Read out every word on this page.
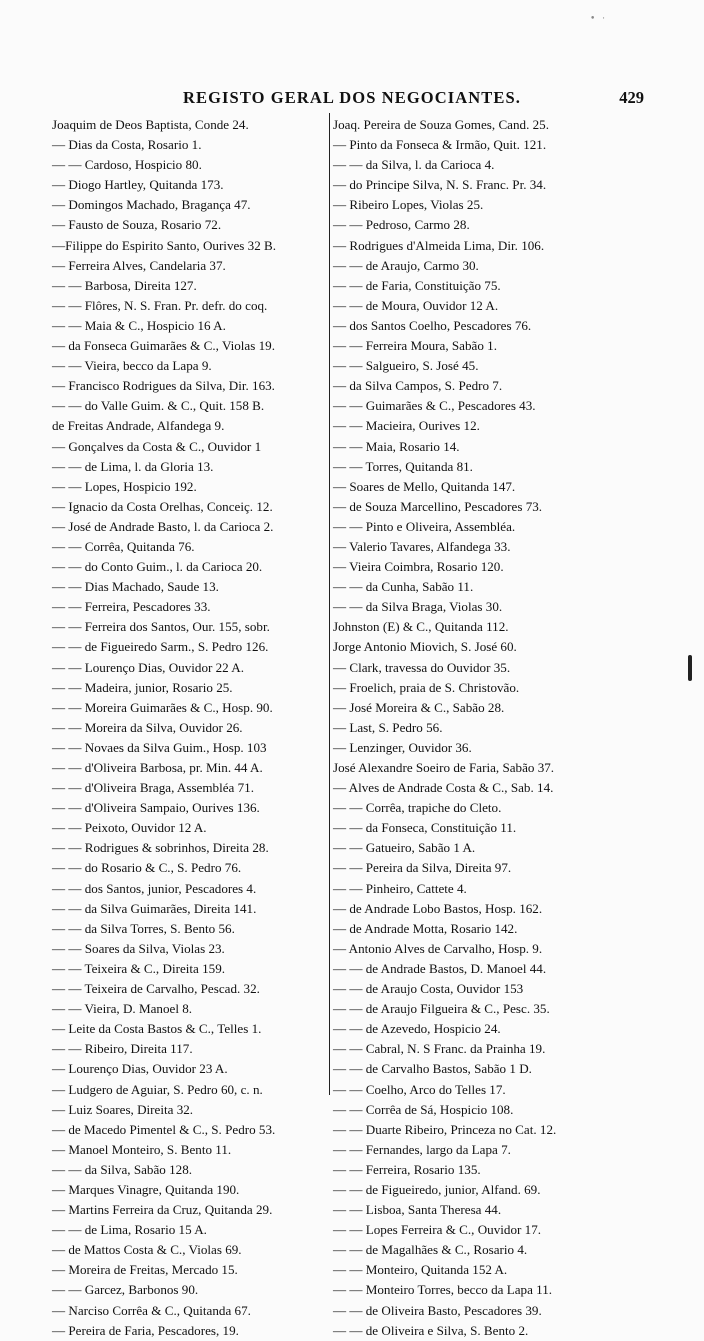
• ·
REGISTO GERAL DOS NEGOCIANTES.	429
Joaquim de Deos Baptista, Conde 24.
— Dias da Costa, Rosario 1.
— — Cardoso, Hospicio 80.
— Diogo Hartley, Quitanda 173.
— Domingos Machado, Bragança 47.
— Fausto de Souza, Rosario 72.
—Filippe do Espirito Santo, Ourives 32 B.
— Ferreira Alves, Candelaria 37.
— — Barbosa, Direita 127.
— — Flôres, N. S. Fran. Pr. defr. do coq.
— — Maia & C., Hospicio 16 A.
— da Fonseca Guimarães & C., Violas 19.
— — Vieira, becco da Lapa 9.
— Francisco Rodrigues da Silva, Dir. 163.
— — do Valle Guim. & C., Quit. 158 B.
de Freitas Andrade, Alfandega 9.
— Gonçalves da Costa & C., Ouvidor 1
— — de Lima, l. da Gloria 13.
— — Lopes, Hospicio 192.
— Ignacio da Costa Orelhas, Conceiç. 12.
— José de Andrade Basto, l. da Carioca 2.
— — Corrêa, Quitanda 76.
— — do Conto Guim., l. da Carioca 20.
— — Dias Machado, Saude 13.
— — Ferreira, Pescadores 33.
— — Ferreira dos Santos, Our. 155, sobr.
— — de Figueiredo Sarm., S. Pedro 126.
— — Lourenço Dias, Ouvidor 22 A.
— — Madeira, junior, Rosario 25.
— — Moreira Guimarães & C., Hosp. 90.
— — Moreira da Silva, Ouvidor 26.
— — Novaes da Silva Guim., Hosp. 103
— — d'Oliveira Barbosa, pr. Min. 44 A.
— — d'Oliveira Braga, Assembléa 71.
— — d'Oliveira Sampaio, Ourives 136.
— — Peixoto, Ouvidor 12 A.
— — Rodrigues & sobrinhos, Direita 28.
— — do Rosario & C., S. Pedro 76.
— — dos Santos, junior, Pescadores 4.
— — da Silva Guimarães, Direita 141.
— — da Silva Torres, S. Bento 56.
— — Soares da Silva, Violas 23.
— — Teixeira & C., Direita 159.
— — Teixeira de Carvalho, Pescad. 32.
— — Vieira, D. Manoel 8.
— Leite da Costa Bastos & C., Telles 1.
— — Ribeiro, Direita 117.
— Lourenço Dias, Ouvidor 23 A.
— Ludgero de Aguiar, S. Pedro 60, c. n.
— Luiz Soares, Direita 32.
— de Macedo Pimentel & C., S. Pedro 53.
— Manoel Monteiro, S. Bento 11.
— — da Silva, Sabão 128.
— Marques Vinagre, Quitanda 190.
— Martins Ferreira da Cruz, Quitanda 29.
— — de Lima, Rosario 15 A.
— de Mattos Costa & C., Violas 69.
— Moreira de Freitas, Mercado 15.
— — Garcez, Barbonos 90.
— Narciso Corrêa & C., Quitanda 67.
— Pereira de Faria, Pescadores, 19.
Joaq. Pereira de Souza Gomes, Cand. 25.
— Pinto da Fonseca & Irmão, Quit. 121.
— — da Silva, l. da Carioca 4.
— do Principe Silva, N. S. Franc. Pr. 34.
— Ribeiro Lopes, Violas 25.
— — Pedroso, Carmo 28.
— Rodrigues d'Almeida Lima, Dir. 106.
— — de Araujo, Carmo 30.
— — de Faria, Constituição 75.
— — de Moura, Ouvidor 12 A.
— dos Santos Coelho, Pescadores 76.
— — Ferreira Moura, Sabão 1.
— — Salgueiro, S. José 45.
— da Silva Campos, S. Pedro 7.
— — Guimarães & C., Pescadores 43.
— — Macieira, Ourives 12.
— — Maia, Rosario 14.
— — Torres, Quitanda 81.
— Soares de Mello, Quitanda 147.
— de Souza Marcellino, Pescadores 73.
— — Pinto e Oliveira, Assembléa.
— Valerio Tavares, Alfandega 33.
— Vieira Coimbra, Rosario 120.
— — da Cunha, Sabão 11.
— — da Silva Braga, Violas 30.
Johnston (E) & C., Quitanda 112.
Jorge Antonio Miovich, S. José 60.
— Clark, travessa do Ouvidor 35.
— Froelich, praia de S. Christovão.
— José Moreira & C., Sabão 28.
— Last, S. Pedro 56.
— Lenzinger, Ouvidor 36.
José Alexandre Soeiro de Faria, Sabão 37.
— Alves de Andrade Costa & C., Sab. 14.
— — Corrêa, trapiche do Cleto.
— — da Fonseca, Constituição 11.
— — Gatueiro, Sabão 1 A.
— — Pereira da Silva, Direita 97.
— — Pinheiro, Cattete 4.
— de Andrade Lobo Bastos, Hosp. 162.
— de Andrade Motta, Rosario 142.
— Antonio Alves de Carvalho, Hosp. 9.
— — de Andrade Bastos, D. Manoel 44.
— — de Araujo Costa, Ouvidor 153
— — de Araujo Filgueira & C., Pesc. 35.
— — de Azevedo, Hospicio 24.
— — Cabral, N. S Franc. da Prainha 19.
— — de Carvalho Bastos, Sabão 1 D.
— — Coelho, Arco do Telles 17.
— — Corrêa de Sá, Hospicio 108.
— — Duarte Ribeiro, Princeza no Cat. 12.
— — Fernandes, largo da Lapa 7.
— — Ferreira, Rosario 135.
— — de Figueiredo, junior, Alfand. 69.
— — Lisboa, Santa Theresa 44.
— — Lopes Ferreira & C., Ouvidor 17.
— — de Magalhães & C., Rosario 4.
— — Monteiro, Quitanda 152 A.
— — Monteiro Torres, becco da Lapa 11.
— — de Oliveira Basto, Pescadores 39.
— — de Oliveira e Silva, S. Bento 2.
